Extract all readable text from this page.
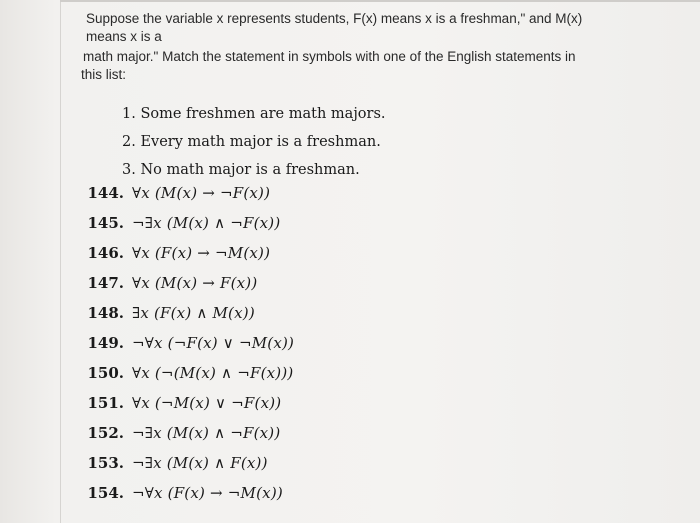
Suppose the variable x represents students, F(x) means x is a freshman," and M(x)
means x is a
math major." Match the statement in symbols with one of the English statements in
this list:
1. Some freshmen are math majors.
2. Every math major is a freshman.
3. No math major is a freshman.
144. ∀x (M(x) → ¬F(x))
145. ¬∃x (M(x) ∧ ¬F(x))
146. ∀x (F(x) → ¬M(x))
147. ∀x (M(x) → F(x))
148. ∃x (F(x) ∧ M(x))
149. ¬∀x (¬F(x) ∨ ¬M(x))
150. ∀x (¬(M(x) ∧ ¬F(x)))
151. ∀x (¬M(x) ∨ ¬F(x))
152. ¬∃x (M(x) ∧ ¬F(x))
153. ¬∃x (M(x) ∧ F(x))
154. ¬∀x (F(x) → ¬M(x))
